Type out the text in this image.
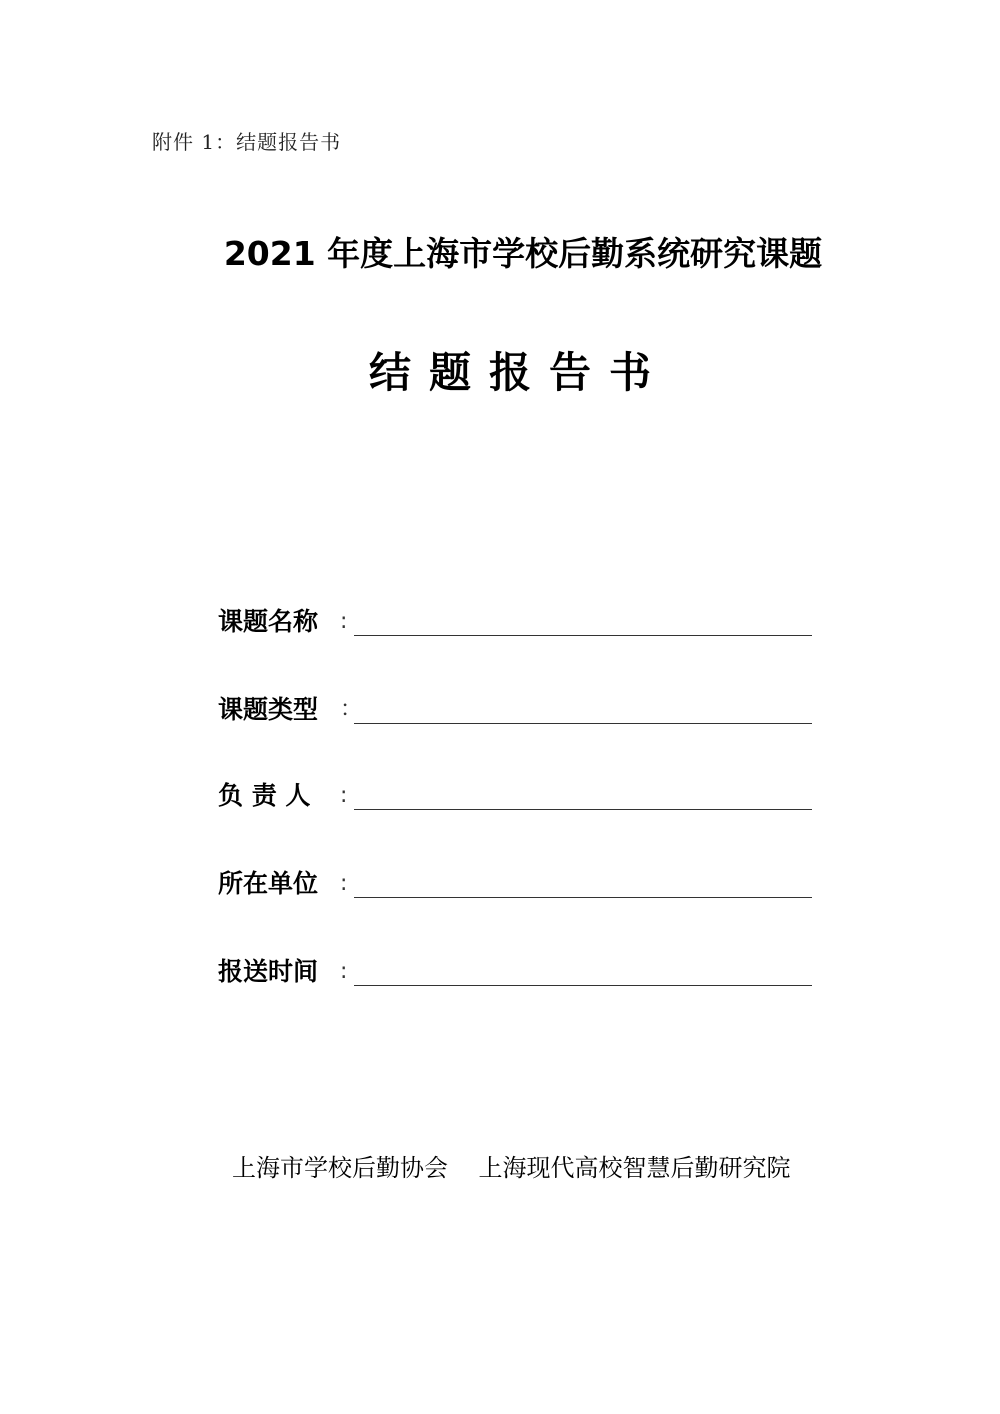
附件 1：结题报告书
2021 年度上海市学校后勤系统研究课题
结题报告书
课题名称 :
课题类型 ：
负 责 人	:
所在单位 :
报送时间 :
上海市学校后勤协会 上海现代高校智慧后勤研究院
